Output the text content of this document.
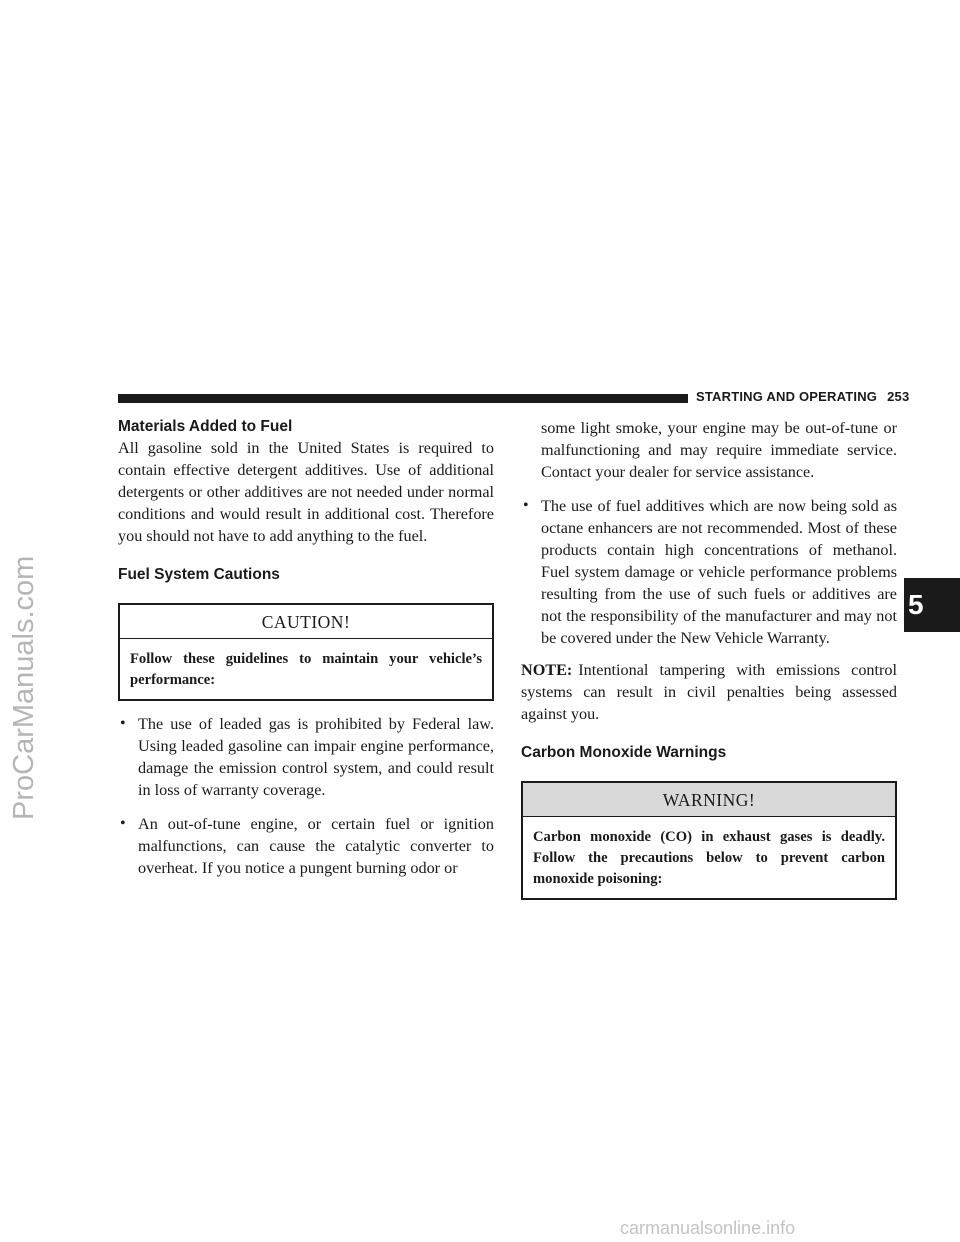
STARTING AND OPERATING 253
Materials Added to Fuel

All gasoline sold in the United States is required to contain effective detergent additives. Use of additional detergents or other additives are not needed under normal conditions and would result in additional cost. Therefore you should not have to add anything to the fuel.

Fuel System Cautions
CAUTION!
Follow these guidelines to maintain your vehicle’s performance:
• The use of leaded gas is prohibited by Federal law. Using leaded gasoline can impair engine performance, damage the emission control system, and could result in loss of warranty coverage.
• An out-of-tune engine, or certain fuel or ignition malfunctions, can cause the catalytic converter to overheat. If you notice a pungent burning odor or
some light smoke, your engine may be out-of-tune or malfunctioning and may require immediate service. Contact your dealer for service assistance.
• The use of fuel additives which are now being sold as octane enhancers are not recommended. Most of these products contain high concentrations of methanol. Fuel system damage or vehicle performance problems resulting from the use of such fuels or additives are not the responsibility of the manufacturer and may not be covered under the New Vehicle Warranty.

NOTE: Intentional tampering with emissions control systems can result in civil penalties being assessed against you.

Carbon Monoxide Warnings
WARNING!
Carbon monoxide (CO) in exhaust gases is deadly. Follow the precautions below to prevent carbon monoxide poisoning:
5
ProCarManuals.com
carmanualsonline.info
